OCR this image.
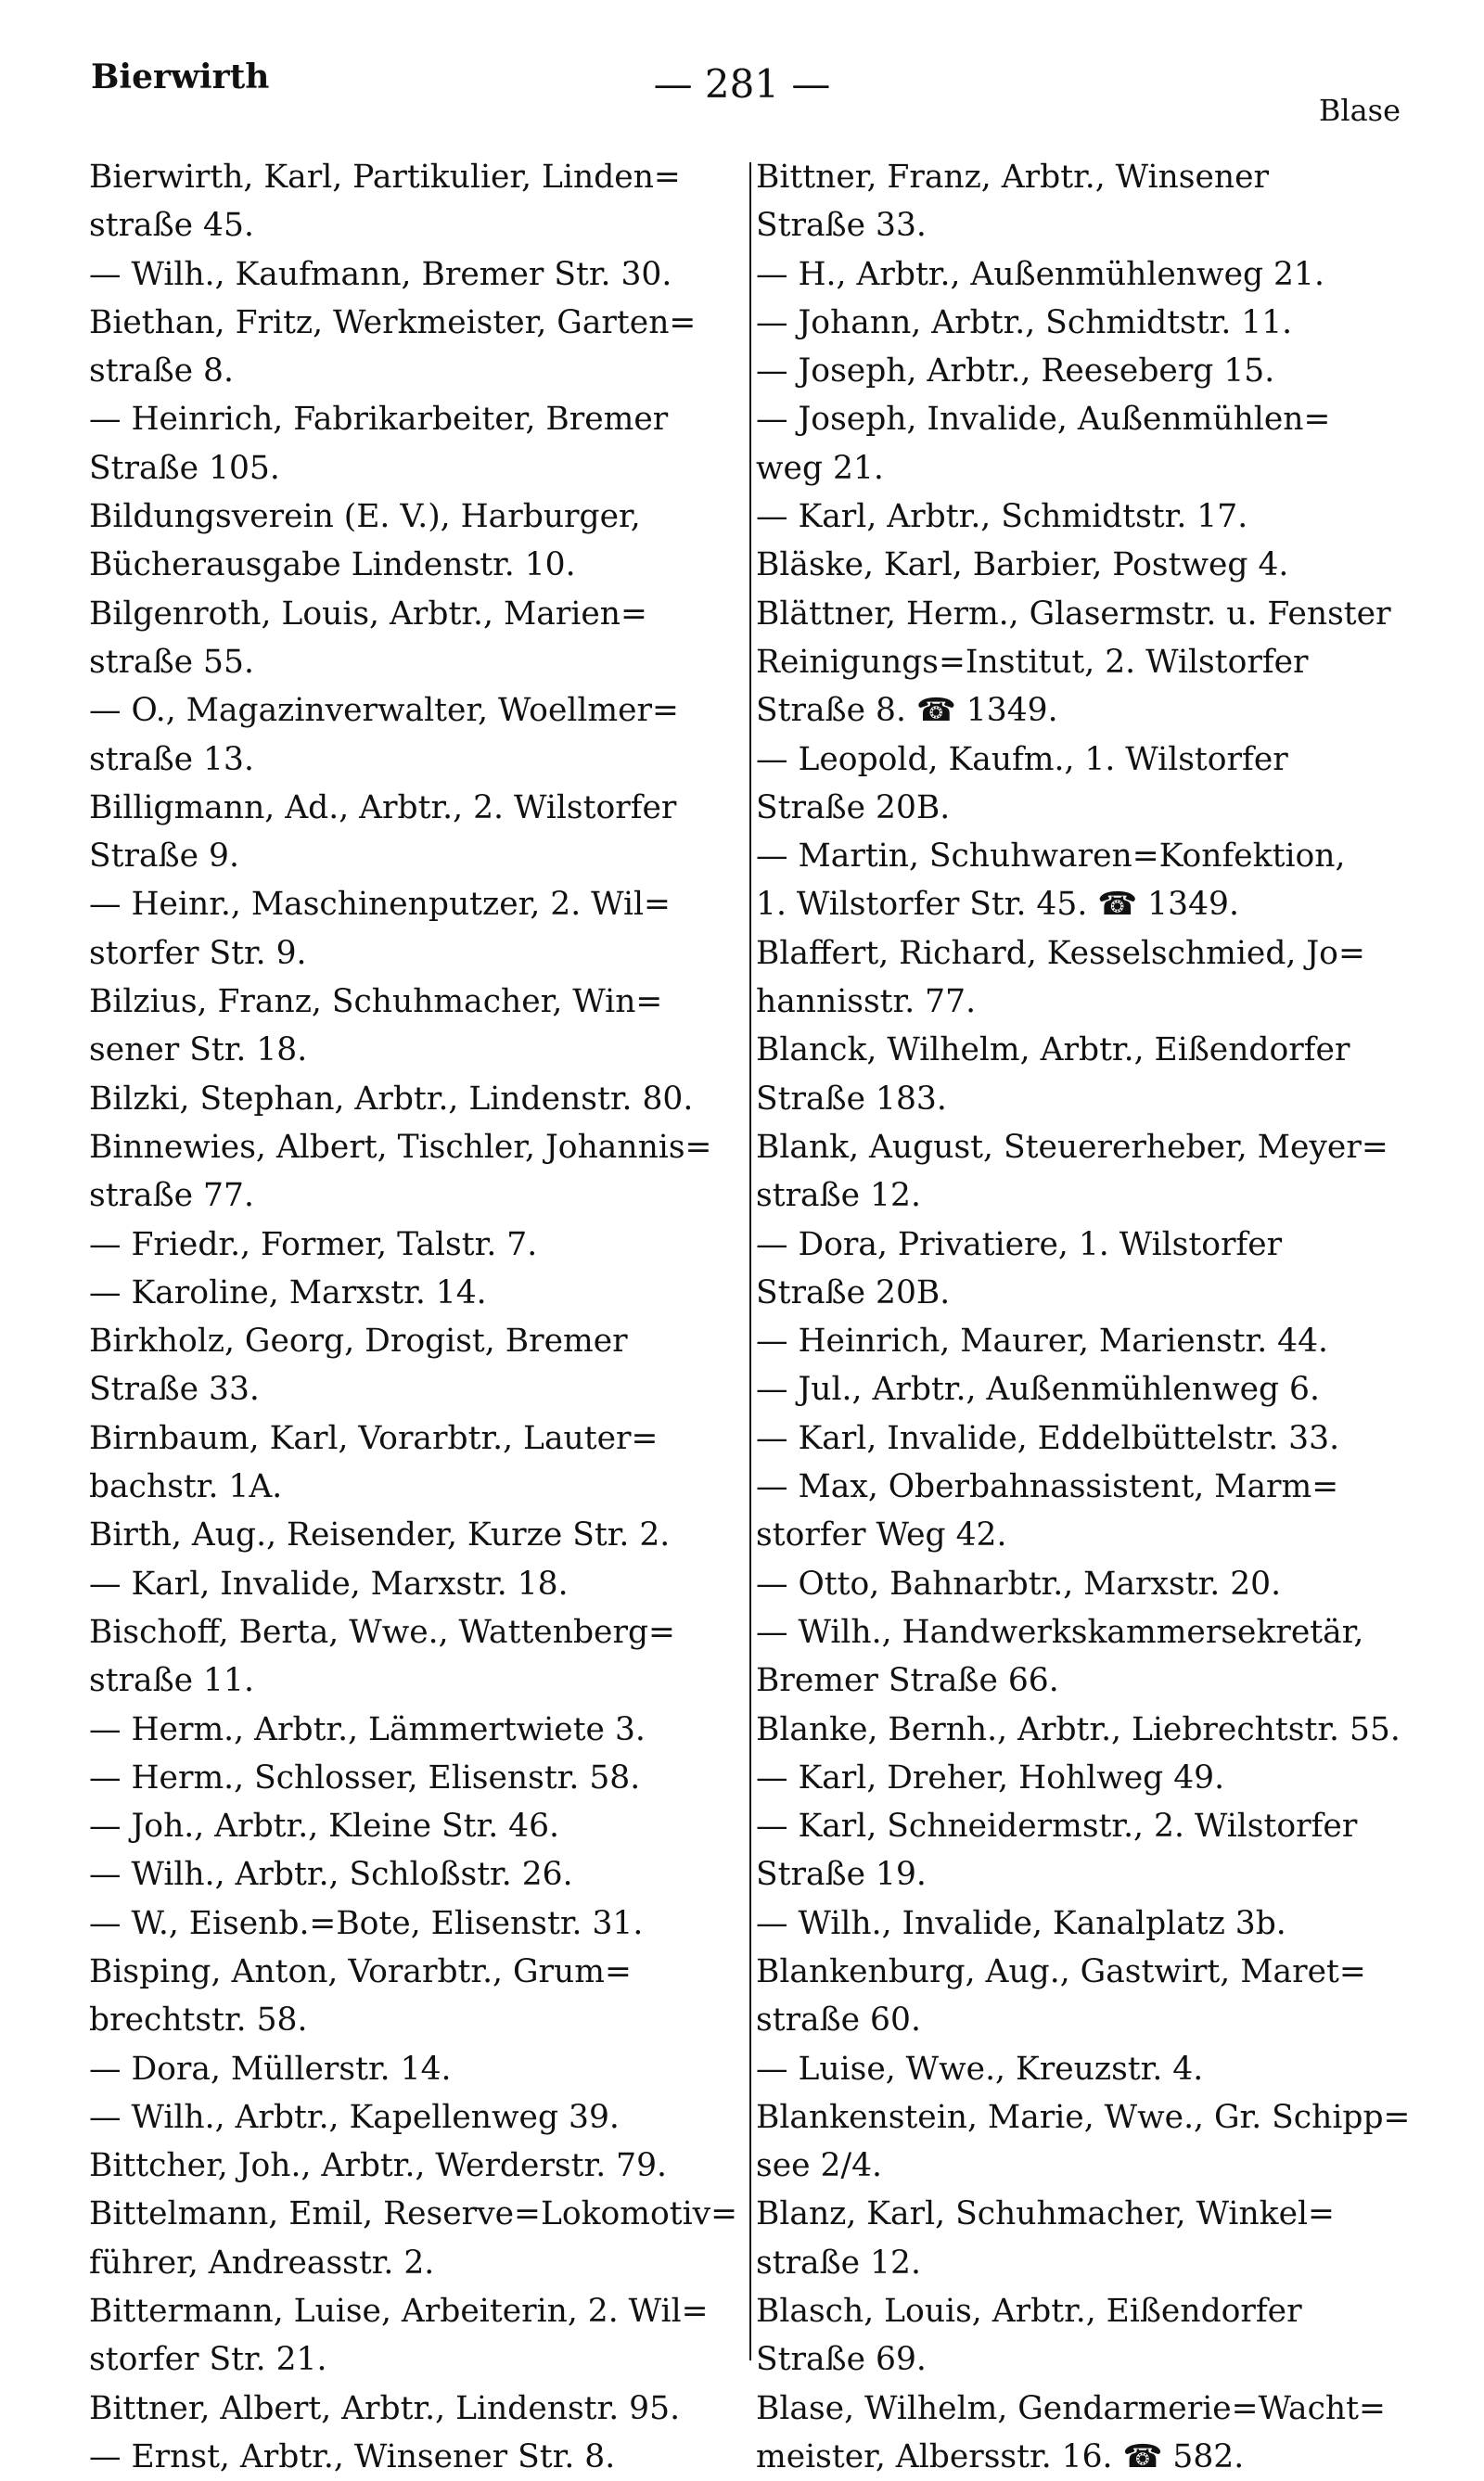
Bierwirth	— 281 —
Blase
Bierwirth, Karl, Partikulier, Linden=
straße 45.
— Wilh., Kaufmann, Bremer Str. 30.
Biethan, Fritz, Werkmeister, Garten=
straße 8.
— Heinrich, Fabrikarbeiter, Bremer
Straße 105.
Bildungsverein (E. V.), Harburger,
Bücherausgabe Lindenstr. 10.
Bilgenroth, Louis, Arbtr., Marien=
straße 55.
— O., Magazinverwalter, Woellmer=
straße 13.
Billigmann, Ad., Arbtr., 2. Wilstorfer
Straße 9.
— Heinr., Maschinenputzer, 2. Wil=
storfer Str. 9.
Bilzius, Franz, Schuhmacher, Win=
sener Str. 18.
Bilzki, Stephan, Arbtr., Lindenstr. 80.
Binnewies, Albert, Tischler, Johannis=
straße 77.
— Friedr., Former, Talstr. 7.
— Karoline, Marxstr. 14.
Birkholz, Georg, Drogist, Bremer
Straße 33.
Birnbaum, Karl, Vorarbtr., Lauter=
bachstr. 1A.
Birth, Aug., Reisender, Kurze Str. 2.
— Karl, Invalide, Marxstr. 18.
Bischoff, Berta, Wwe., Wattenberg=
straße 11.
— Herm., Arbtr., Lämmertwiete 3.
— Herm., Schlosser, Elisenstr. 58.
— Joh., Arbtr., Kleine Str. 46.
— Wilh., Arbtr., Schloßstr. 26.
— W., Eisenb.=Bote, Elisenstr. 31.
Bisping, Anton, Vorarbtr., Grum=
brechtstr. 58.
— Dora, Müllerstr. 14.
— Wilh., Arbtr., Kapellenweg 39.
Bittcher, Joh., Arbtr., Werderstr. 79.
Bittelmann, Emil, Reserve=Lokomotiv=
führer, Andreasstr. 2.
Bittermann, Luise, Arbeiterin, 2. Wil=
storfer Str. 21.
Bittner, Albert, Arbtr., Lindenstr. 95.
— Ernst, Arbtr., Winsener Str. 8.
Bittner, Franz, Arbtr., Winsener
Straße 33.
— H., Arbtr., Außenmühlenweg 21.
— Johann, Arbtr., Schmidtstr. 11.
— Joseph, Arbtr., Reeseberg 15.
— Joseph, Invalide, Außenmühlen=
weg 21.
— Karl, Arbtr., Schmidtstr. 17.
Bläske, Karl, Barbier, Postweg 4.
Blättner, Herm., Glasermstr. u. Fenster
Reinigungs=Institut, 2. Wilstorfer
Straße 8. ☎ 1349.
— Leopold, Kaufm., 1. Wilstorfer
Straße 20B.
— Martin, Schuhwaren=Konfektion,
1. Wilstorfer Str. 45. ☎ 1349.
Blaffert, Richard, Kesselschmied, Jo=
hannisstr. 77.
Blanck, Wilhelm, Arbtr., Eißendorfer
Straße 183.
Blank, August, Steuererheber, Meyer=
straße 12.
— Dora, Privatiere, 1. Wilstorfer
Straße 20B.
— Heinrich, Maurer, Marienstr. 44.
— Jul., Arbtr., Außenmühlenweg 6.
— Karl, Invalide, Eddelbüttelstr. 33.
— Max, Oberbahnassistent, Marm=
storfer Weg 42.
— Otto, Bahnarbtr., Marxstr. 20.
— Wilh., Handwerkskammersekretär,
Bremer Straße 66.
Blanke, Bernh., Arbtr., Liebrechtstr. 55.
— Karl, Dreher, Hohlweg 49.
— Karl, Schneidermstr., 2. Wilstorfer
Straße 19.
— Wilh., Invalide, Kanalplatz 3b.
Blankenburg, Aug., Gastwirt, Maret=
straße 60.
— Luise, Wwe., Kreuzstr. 4.
Blankenstein, Marie, Wwe., Gr. Schipp=
see 2/4.
Blanz, Karl, Schuhmacher, Winkel=
straße 12.
Blasch, Louis, Arbtr., Eißendorfer
Straße 69.
Blase, Wilhelm, Gendarmerie=Wacht=
meister, Albersstr. 16. ☎ 582.
